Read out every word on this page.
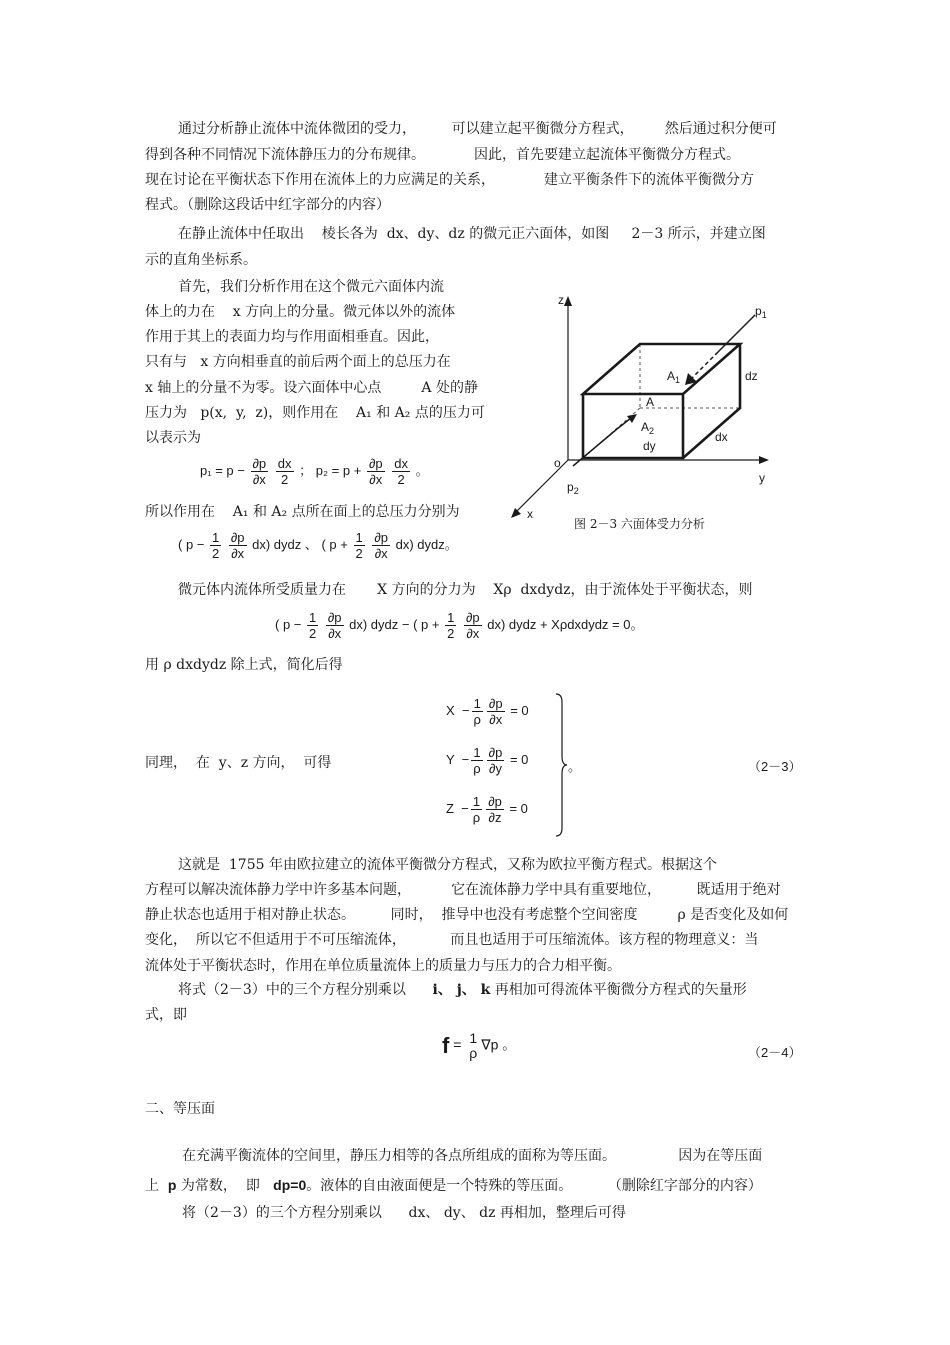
通过分析静止流体中流体微团的受力，        可以建立起平衡微分方程式，       然后通过积分便可
得到各种不同情况下流体静压力的分布规律。           因此，首先要建立起流体平衡微分方程式。
现在讨论在平衡状态下作用在流体上的力应满足的关系，           建立平衡条件下的流体平衡微分方
程式。（删除这段话中红字部分的内容）
在静止流体中任取出    棱长各为  dx、dy、dz 的微元正六面体，如图     2－3 所示，并建立图
示的直角坐标系。
首先，我们分析作用在这个微元六面体内流
体上的力在    x 方向上的分量。微元体以外的流体
作用于其上的表面力均与作用面相垂直。因此，
只有与   x 方向相垂直的前后两个面上的总压力在
x 轴上的分量不为零。设六面体中心点         A 处的静
压力为   p(x,  y,  z)，则作用在    A₁ 和 A₂ 点的压力可
以表示为
$p_1 = p - \frac{\partial p}{\partial x}$
$\frac{dx}{2}$ ； $p_2 = p + \frac{\partial p}{\partial x}$
$\frac{dx}{2}$ 。
所以作用在    A₁ 和 A₂ 点所在面上的总压力分别为
( $p - \frac{1}{2}$
$\frac{\partial p}{\partial x} dx$) dydz 、 ( $p + \frac{1}{2}$
$\frac{\partial p}{\partial x} dx$) dydz。
z
y
x
o
$p_1$
$p_2$
$A_1$
A
$A_2$
dy
dz
dx
图 2－3 六面体受力分析
微元体内流体所受质量力在       X 方向的分力为    Xρ  dxdydz，由于流体处于平衡状态，则
( $p - \frac{1}{2}$
$\frac{\partial p}{\partial x} dx$) dydz − ( $p + \frac{1}{2}$
$\frac{\partial p}{\partial x} dx$) dydz + Xρdxdydz = 0。
用 ρ dxdydz 除上式，简化后得
$X - \frac{1}{\rho} \frac{\partial p}{\partial x} = 0$
$Y - \frac{1}{\rho} \frac{\partial p}{\partial y} = 0$
$Z - \frac{1}{\rho} \frac{\partial p}{\partial z} = 0$
。
同理，  在  y、z 方向，  可得	（2－3）
这就是  1755 年由欧拉建立的流体平衡微分方程式，又称为欧拉平衡方程式。根据这个
方程可以解决流体静力学中许多基本问题，         它在流体静力学中具有重要地位，        既适用于绝对
静止状态也适用于相对静止状态。        同时，  推导中也没有考虑整个空间密度         ρ 是否变化及如何
变化，  所以它不但适用于不可压缩流体，          而且也适用于可压缩流体。该方程的物理意义：当
流体处于平衡状态时，作用在单位质量流体上的质量力与压力的合力相平衡。
将式（2－3）中的三个方程分别乘以      i、 j、 k 再相加可得流体平衡微分方程式的矢量形
式，即
f = 1
ρ
∇p 。	（2－4）
二、等压面
在充满平衡流体的空间里，静压力相等的各点所组成的面称为等压面。              因为在等压面
上  p 为常数，  即   dp=0。液体的自由液面便是一个特殊的等压面。        （删除红字部分的内容）
将（2－3）的三个方程分别乘以      dx、 dy、 dz 再相加，整理后可得
